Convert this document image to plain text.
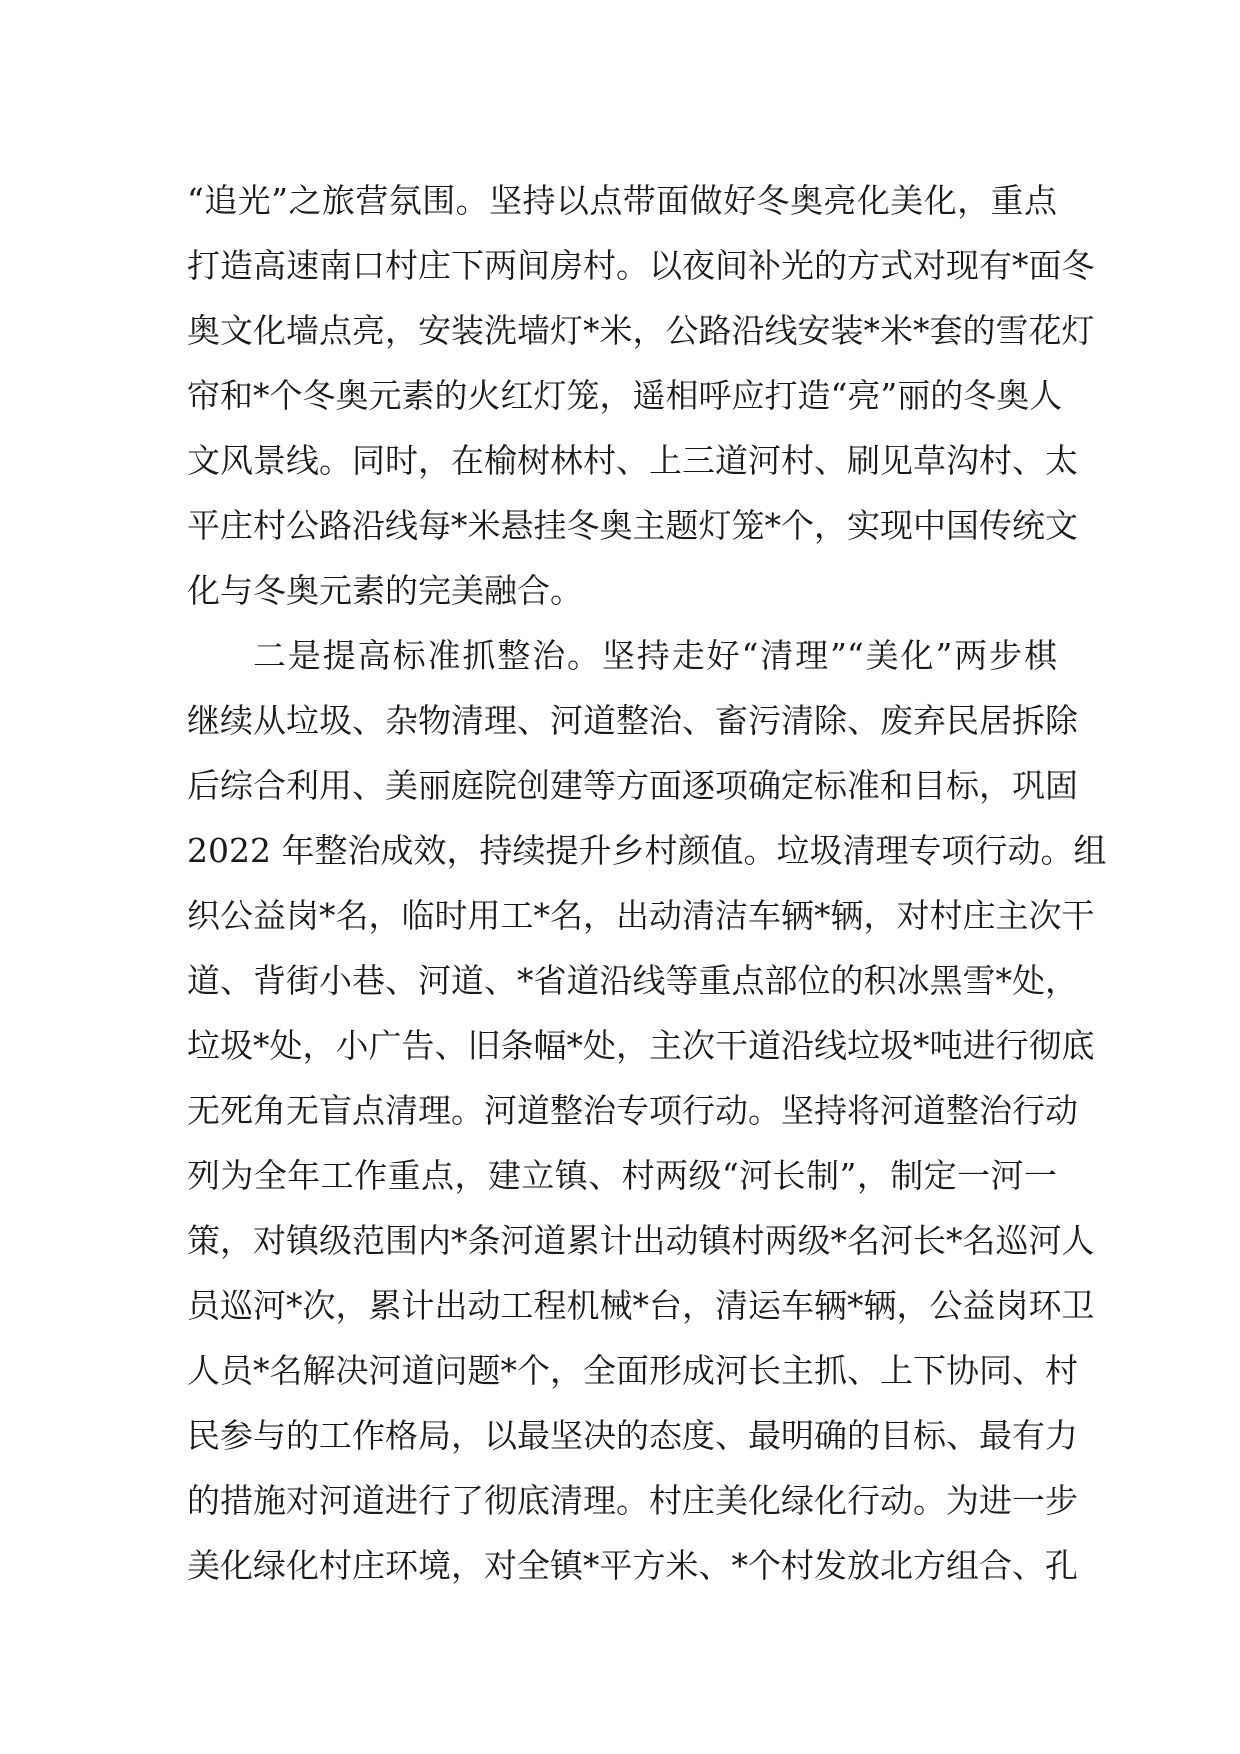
“追光”之旅营氛围。坚持以点带面做好冬奥亮化美化，重点
打造高速南口村庄下两间房村。以夜间补光的方式对现有*面冬
奥文化墙点亮，安装洗墙灯*米，公路沿线安装*米*套的雪花灯
帘和*个冬奥元素的火红灯笼，遥相呼应打造“亮”丽的冬奥人
文风景线。同时，在榆树林村、上三道河村、刷见草沟村、太
平庄村公路沿线每*米悬挂冬奥主题灯笼*个，实现中国传统文
化与冬奥元素的完美融合。
二是提高标准抓整治。坚持走好“清理”“美化”两步棋
继续从垃圾、杂物清理、河道整治、畜污清除、废弃民居拆除
后综合利用、美丽庭院创建等方面逐项确定标准和目标，巩固
2022 年整治成效，持续提升乡村颜值。垃圾清理专项行动。组
织公益岗*名，临时用工*名，出动清洁车辆*辆，对村庄主次干
道、背街小巷、河道、*省道沿线等重点部位的积冰黑雪*处，
垃圾*处，小广告、旧条幅*处，主次干道沿线垃圾*吨进行彻底
无死角无盲点清理。河道整治专项行动。坚持将河道整治行动
列为全年工作重点，建立镇、村两级“河长制”，制定一河一
策，对镇级范围内*条河道累计出动镇村两级*名河长*名巡河人
员巡河*次，累计出动工程机械*台，清运车辆*辆，公益岗环卫
人员*名解决河道问题*个，全面形成河长主抓、上下协同、村
民参与的工作格局，以最坚决的态度、最明确的目标、最有力
的措施对河道进行了彻底清理。村庄美化绿化行动。为进一步
美化绿化村庄环境，对全镇*平方米、*个村发放北方组合、孔
